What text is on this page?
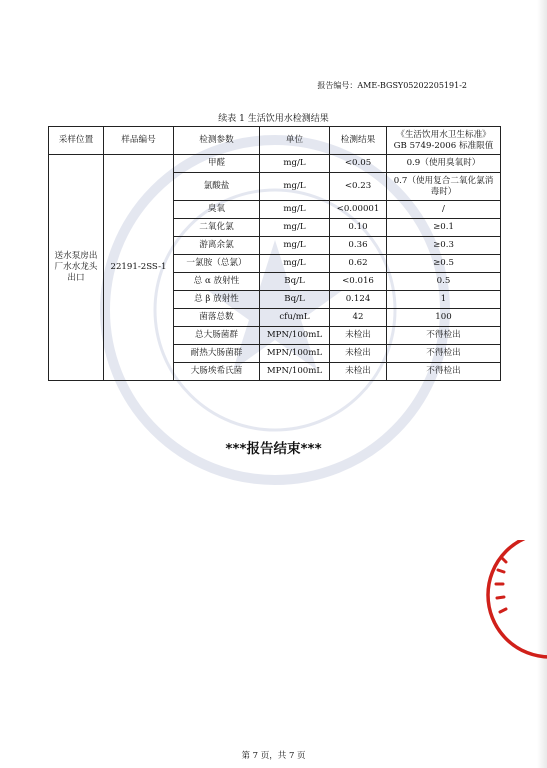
报告编号：AME-BGSY05202205191-2
续表 1 生活饮用水检测结果
采样位置	样品编号	检测参数	单位	检测结果	《生活饮用水卫生标准》GB 5749-2006 标准限值
送水泵房出厂水水龙头出口	22191-2SS-1	甲醛	mg/L	<0.05	0.9（使用臭氧时）
		氯酸盐	mg/L	<0.23	0.7（使用复合二氧化氯消毒时）
		臭氧	mg/L	<0.00001	/
		二氧化氯	mg/L	0.10	≥0.1
		游离余氯	mg/L	0.36	≥0.3
		一氯胺（总氯）	mg/L	0.62	≥0.5
		总 α 放射性	Bq/L	<0.016	0.5
		总 β 放射性	Bq/L	0.124	1
		菌落总数	cfu/mL	42	100
		总大肠菌群	MPN/100mL	未检出	不得检出
		耐热大肠菌群	MPN/100mL	未检出	不得检出
		大肠埃希氏菌	MPN/100mL	未检出	不得检出
***报告结束***
第 7 页，共 7 页
